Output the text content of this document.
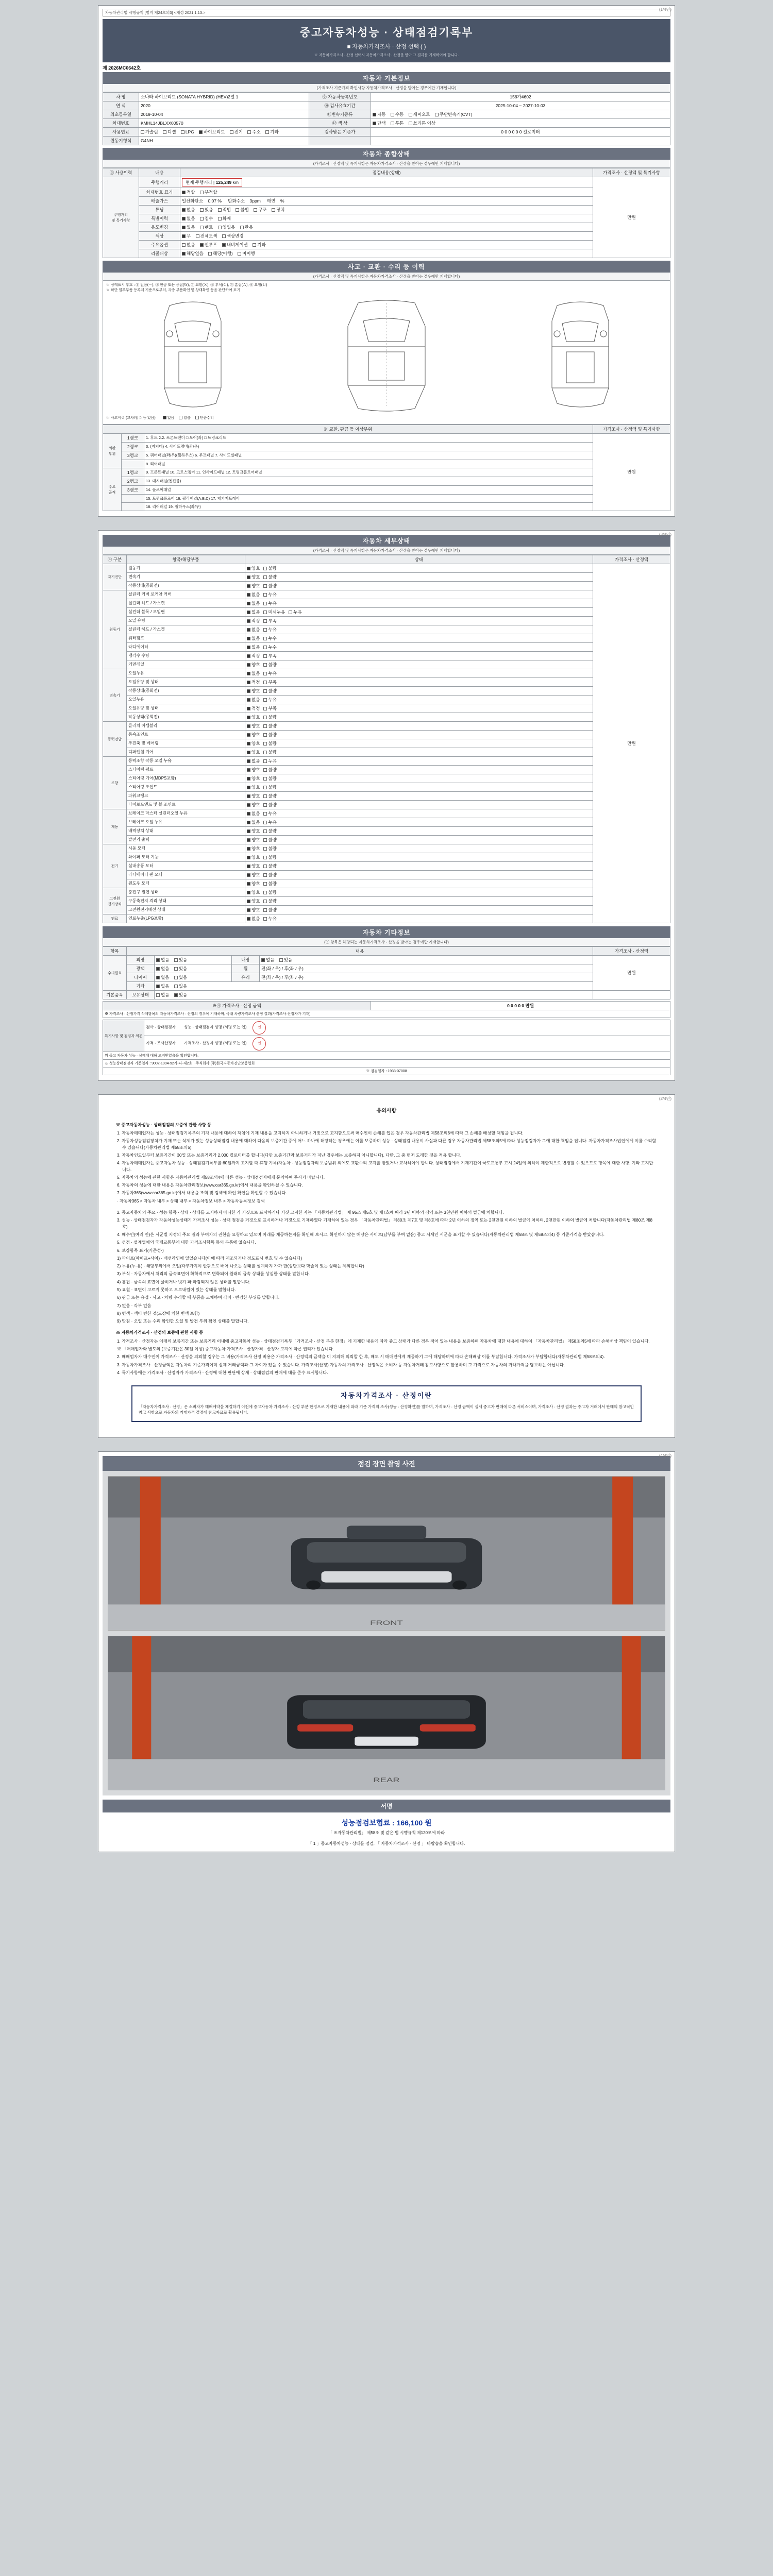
(1/4면)
자동차관리법 시행규칙 [별지 제24호의3] <개정 2021.1.13.>
중고자동차성능 · 상태점검기록부
■ 자동차가격조사 · 산정 선택 ( )
※ 자동차가격조사 · 산정 선택시 자동차가격조사 · 산정을 받아 그 결과를 기재하여야 합니다.
제 2026MC0642호
자동차 기본정보
(가격조사 기준가격 확인사항 자동차가격조사 · 산정을 받아는 경우에만 기재합니다)
차 명	소나타 하이브리드 (SONATA HYBRID) (HEV)2열 1	⑨ 자동차등록번호	156가4602
연 식	2020	⑩ 검사유효기간	2025-10-04 ~ 2027-10-03
최초등록일	2019-10-04	⑪변속기종류	자동 수동 세미오토 무단변속기(CVT)
차대번호	KMHL14JBLXX00570	⑫ 색 상	단색 투톤 쓰리톤 이상
사용연료	가솔린 디젤 LPG 하이브리드 전기 수소 기타	검사받은 기준가	0 0 0 0 0 0 킬로미터
원동기형식	G4NH		
자동차 종합상태
(가격조사 · 산정액 및 특기사항은 자동차가격조사 · 산정을 받아는 경우에만 기재합니다)
③ 사용이력	내용	점검내용(상태)	가격조사 · 산정액 및 특기사항
주행거리
및 특기사항	주행거리	현재 주행거리 | 125,249 km	만원
	차대번호 표기	적합 부적합	
	배출가스	일산화탄소 0.07 % 탄화수소 3ppm 매연 %	
	튜닝	없음 있음 적법 불법 구조 장치	
	특별이력	없음 침수 화재	
	용도변경	없음 렌트 영업용 관용	
	색상	무 전체도색 색상변경	
	주요옵션	없음 썬루프 내비게이션 기타	
	리콜대상	해당없음 해당(이행) 미이행	
사고 · 교환 · 수리 등 이력
(가격조사 · 산정액 및 특기사항은 자동차가격조사 · 산정을 받아는 경우에만 기재합니다)
※ 상태표시 부호 : ① 없음(－), ② 판금 또는 용접(Ｗ), ③ 교환(Ｘ), ④ 부식(Ｃ), ⑤ 흠집(Ａ), ⑥ 요철(Ｕ)
※ 하단 일부부품 등록계 기준으로부터, 각종 부품확인 및 상태확인 등을 판단하여 표기
※ 사고이력 (교차/침수 등 있음)	없음	있음	단순수리
※ 교환, 판금 등 이상부위			가격조사 · 산정액 및 특기사항
외판
부위	1랭크	1. 후드 2.2. 프론트펜더 □ 도어(좌) □ 트렁크리드	만원
	2랭크	3. (지지대) 4. 사이드멤버(좌/우)	
	3랭크	5. 쿼터패널(좌/우)(휠하우스) 6. 루프패널 7. 사이드실패널	
		8. 리어패널	
주요
골격	1랭크	9. 프론트패널 10. 크로스멤버 11. 인사이드패널 12. 트렁크플로어패널	
	2랭크	13. 대시패널(엔진룸)	
	3랭크	14. 플로어패널	
		15. 트렁크플로어 16. 필러패널(A,B,C) 17. 패키지트레이	
		18. 리어패널 19. 휠하우스(좌/우)	
(3/4면)
자동차 세부상태
(가격조사 · 산정액 및 특기사항은 자동차가격조사 · 산정을 받아는 경우에만 기재합니다)
④ 구분	항목/해당부품	상태	가격조사 · 산정액
자기진단	원동기	양호 불량	만원
	변속기	양호 불량	
	작동상태(공회전)	양호 불량	
원동기	실린더 커버 로커암 커버	없음 누유	
	실린더 헤드 / 가스켓	없음 누유	
	실린더 블록 / 오일팬	없음 미세누유 누유	
	오일 유량	적정 부족	
	실린더 헤드 / 가스켓	없음 누유	
	워터펌프	없음 누수	
	라디에이터	없음 누수	
	냉각수 수량	적정 부족	
	커먼레일	양호 불량	
변속기	오일누유	없음 누유	
	오일유량 및 상태	적정 부족	
	작동상태(공회전)	양호 불량	
	오일누유	없음 누유	
	오일유량 및 상태	적정 부족	
	작동상태(공회전)	양호 불량	
동력전달	클러치 어셈블리	양호 불량	
	등속조인트	양호 불량	
	추진축 및 베어링	양호 불량	
	디퍼렌셜 기어	양호 불량	
조향	동력조향 작동 오일 누유	없음 누유	
	스티어링 펌프	양호 불량	
	스티어링 기어(MDPS포함)	양호 불량	
	스티어링 조인트	양호 불량	
	파워크랭크	양호 불량	
	타이로드엔드 및 볼 조인트	양호 불량	
제동	브레이크 마스터 실린더오일 누유	없음 누유	
	브레이크 오일 누유	없음 누유	
	배력장치 상태	양호 불량	
	발전기 출력	양호 불량	
전기	시동 모터	양호 불량	
	와이퍼 모터 기능	양호 불량	
	실내송풍 모터	양호 불량	
	라디에이터 팬 모터	양호 불량	
	윈도우 모터	양호 불량	
고전원
전기장치	충전구 절연 상태	양호 불량	
	구동축전지 격리 상태	양호 불량	
	고전원전기배선 상태	양호 불량	
연료	연료누출(LPG포함)	없음 누유	
자동차 기타정보
(⑤ 항목은 해당되는 자동차가격조사 · 산정을 받아는 경우에만 기재합니다)
항목	내용				가격조사 · 산정액
수리필요	외장	없음 있음	내장	없음 있음	만원
	광택	없음 있음	휠	전(좌 / 우) / 후(좌 / 우)	
	타이어	없음 있음	유리	전(좌 / 우) / 후(좌 / 우)	
	기타	없음 있음			
기본품목	보유상태	없음 있음			
※④ 가격조사 · 산정 금액	0 0 0 0 0 만원
※ 가격조사 · 산정가격 삭제항목의 자동차가격조사 · 산정의 경우에 기재하며, 국내 차량가격조사 산정 결과(가격조사·산정자가 기재)
특기사항 및 점검자 의견	검사 · 상태점검자 성능 · 상태점검자 성명 (서명 또는 인)	인
가격 · 조사산정자 가격조사 · 산정자 성명 (서명 또는 인)	인
위 중고 자동차 성능 · 상태에 대해 고지받았음을 확인합니다.
※ 성능상태점검자 기준일자 : 9002-1994-92가-다-제2호 · 주식회사 (주)한국자동차진단보증협회
※ 점검일자 : 1933-07008
(2/4면)
유의사항
※ 중고자동차성능 · 상태점검의 보증에 관한 사항 등

1. 자동차매매업자는 성능 · 상태점검기록부의 기재 내용에 대하여 책임에 기재 내용을 고지하지 아니하거나 거짓으로 고지함으로써 매수인이 손해를 입은 경우 자동차관리법 제58조의6에 따라 그 손해를 배상할 책임을 집니다.

2. 자동차성능점검장치가 기재 또는 삭제가 있는 성능상태점검 내용에 대하여 다음의 보증기간 중에 어느 하나에 해당하는 경우에는 이를 보증하며 성능 · 상태점검 내용이 사실과 다른 경우 자동차관리법 제58조의5에 따라 성능점검자가 그에 대한 책임을 집니다. 자동차가격조사법인에게 이를 수리할 수 있습니다(자동차관리법 제58조의5).

3. 자동차인도일부터 보증기간이 30일 또는 보증거리가 2,000 킬로미터를 합니다(다만 보증기간과 보증거리가 지난 경우에는 보증하지 아니합니다). 다만, 그 중 먼저 도래한 것을 적용 합니다.

4. 자동차매매업자는 중고자동차 성능 · 상태점검기록부를 60일까지 고지할 때 휴행 기록(자동차 · 성능점검자의 보증범위 외에도 교환수리 고지를 받았거나 교차하여야 합니다. 상태점검에서 기재기간이 국토교통부 고시 24일에 의하여 제한적으로 변경할 수 있으므로 항목에 대한 사항, 기타 고지합니다.

5. 자동차의 성능에 관한 사항은 자동차관리법 제58조의4에 따른 성능 · 상태점검자에게 문의하여 주시기 바랍니다.

6. 자동차의 성능에 대한 내용은 자동차관리정보(www.car365.go.kr)에서 내용을 확인하실 수 있습니다.

7. 자동차365(www.car365.go.kr)에서 내용을 조회 및 검색에 확인 확인을 확인할 수 있습니다.

· 자동차365 > 자동차 내부 > 상태 내부 > 자동차정보 내부 > 자동차등록정보 검색

2. 중고자동차의 주요 · 성능 항목 · 상태 · 상태를 고지하지 아니한 가 거짓으로 표시하거나 거짓 고지한 자는 「자동차관리법」 제 95조 제5호 및 제7호에 따라 3년 이하의 징역 또는 3천만원 이하의 벌금에 처합니다.

3. 성능 · 상태점검자가 자동차성능상태기 가격조사 성능 · 상태 점검을 거짓으로 표시하거나 거짓으로 기재하였다 기재하여 있는 경우 「자동차관리법」 제80조 제7호 및 제8호에 따라 2년 이하의 징역 또는 2천만원 이하의 벌금에 처하며, 2천만원 이하의 벌금에 처합니다(자동차관리법 제80조 제8호).

4. 매수인(여러 인)은 시군별 지정의 주요 결과 부여자의 권한을 요청하고 있으며 아래를 제공하는지를 확인해 보시고, 확인하지 않는 해당은 사이로(남부를 부여 없음) 중고 시세인 시군을 표기할 수 있습니다(자동차관리법 제58조 및 제58조의4) 등 기준가격을 받았습니다.

5. 선정 · 설계업체의 국제교통부에 대한 가격조사항목 등의 부품에 없습니다.

6. 보강항목 표기(기준성·)

1) 파이프(파이프+사이) · 배선라인에 있었습니다(이에 따라 제조되거나 정도표시 번호 및 수 없습니다)

2) 누유(누·유) · 해당부위에서 오일(각부가지여 안팎으로 배어 나오는 상태를 설계하지 가까 한(상단보다 학술이 있는 상태는 제외합니다)

3) 부식 · 자동차에서 처리의 금속표면이 화학적으로 변화되어 원래의 금속 상태를 상실한 상태를 말합니다.

4) 흠집 · 금속의 표면이 긁히거나 벗겨 파 마감되지 않은 상태를 말합니다.

5) 요철 · 표면이 고르지 못하고 오르내림이 있는 상태를 말합니다.

6) 판금 또는 용접 · 사고 · 차량 수리할 때 부품을 교체하여 각이 · 변경한 부위를 말합니다.

7) 없음 · 각부 없음

8) 변색 · 색이 변한 것(도장에 의한 변색 포함)

9) 맞침 · 오일 또는 수리 확인한 오일 및 발견 부위 확인 상태를 말합니다.

※ 자동차가격조사 · 산정의 보증에 관한 사항 등

1. 가격조사 · 산정자는 이래의 보증기간 또는 보증거리 이내에 중고자동차 성능 · 상태점검기록부「가격조사 · 산정 부분 한정」에 기재한 내용에 따라 중고 상태가 다른 경우 적어 있는 내용을 보증하며 자동차에 대한 내용에 대하여 「자동차관리법」 제58조의5에 따라 손해배상 책임이 있습니다.

※ 「매매업자와 별도의 (보증기간은 30일 이상) 중고자동차 가격조사 · 산정가격 · 산정자 고지에 따른 권리가 있습니다.

2. 매매업자가 매수인이 가격조사 · 산정을 의뢰할 경우는 그 비용(가격조사 산정 비용은 가격조사 · 산정액의 금액을 미 지의해 의뢰할 한 후, 매도 시 매매인에게 제공하기 그에 해당하며에 따라 손해배상 이를 부담합니다. 가격조사가 부담합니다(자동차관리법 제58조의4).

3. 자동차가격조사 · 산정금액은 자동차의 기준가격이며 실제 거래금액과 그 차이가 있을 수 있습니다. 가격조사(산정) 자동차의 가격조사 · 산정액은 소비자 등 자동차거래 참고사항으로 활용하며 그 가격으로 자동차의 거래가격을 담보하는 아닙니다.

4. 특기사항에는 가격조사 · 산정자가 가격조사 · 산정에 대한 판단에 상세 · 상태점검의 판매에 대를 준수 표시합니다.

자동차가격조사 · 산정이란
「자동차가격조사 · 산정」은 소비자가 매매계약을 체결하기 이전에 중고자동차 가격조사 · 산정 부분 한정으로 기재한 내용에 따라 기준 가격의 조사(성능 · 산정확인)를 말하며, 가격조사 · 산정 금액이 실제 중고차 판매에 따른 서비스이며, 가격조사 · 산정 결과는 중고차 거래에서 판매의 참고적인 참고 사항으로 자동차의 거래가격 결정에 참고자료로 활용됩니다.
(4/4면)
점검 장면 촬영 사진
FRONT
REAR
서명
성능점검보험료 : 166,100 원
「 ※자동차관리법」 제58조 및 같은 법 시행규칙 제120조에 따라
「 1 」중고자동차성능 · 상태를 점검, 「 자동차가격조사 · 산정 」 바랍습을 확인합니다.
